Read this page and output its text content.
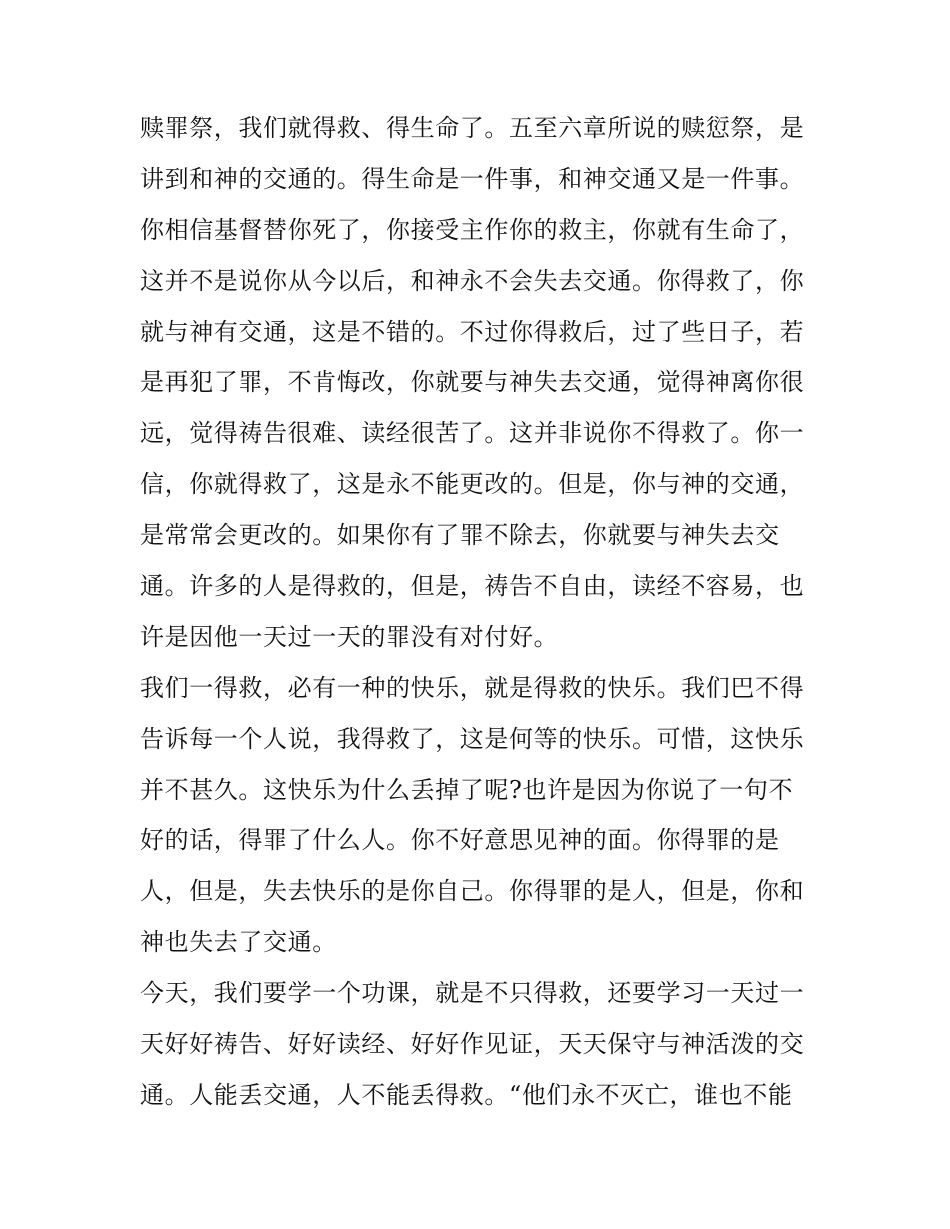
赎罪祭，我们就得救、得生命了。五至六章所说的赎愆祭，是
讲到和神的交通的。得生命是一件事，和神交通又是一件事。
你相信基督替你死了，你接受主作你的救主，你就有生命了，
这并不是说你从今以后，和神永不会失去交通。你得救了，你
就与神有交通，这是不错的。不过你得救后，过了些日子，若
是再犯了罪，不肯悔改，你就要与神失去交通，觉得神离你很
远，觉得祷告很难、读经很苦了。这并非说你不得救了。你一
信，你就得救了，这是永不能更改的。但是，你与神的交通，
是常常会更改的。如果你有了罪不除去，你就要与神失去交
通。许多的人是得救的，但是，祷告不自由，读经不容易，也
许是因他一天过一天的罪没有对付好。
我们一得救，必有一种的快乐，就是得救的快乐。我们巴不得
告诉每一个人说，我得救了，这是何等的快乐。可惜，这快乐
并不甚久。这快乐为什么丢掉了呢?也许是因为你说了一句不
好的话，得罪了什么人。你不好意思见神的面。你得罪的是
人，但是，失去快乐的是你自己。你得罪的是人，但是，你和
神也失去了交通。
今天，我们要学一个功课，就是不只得救，还要学习一天过一
天好好祷告、好好读经、好好作见证，天天保守与神活泼的交
通。人能丢交通，人不能丢得救。“他们永不灭亡，谁也不能
